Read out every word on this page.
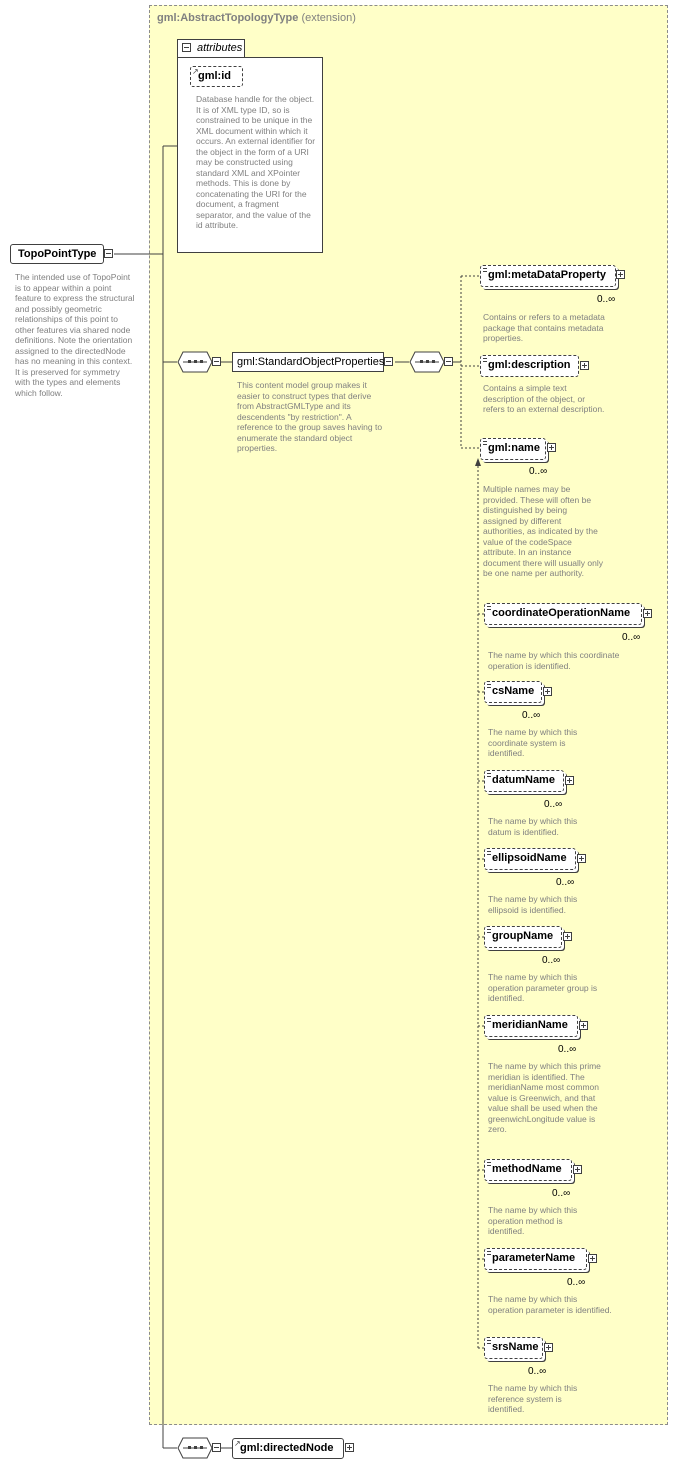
gml:AbstractTopologyType (extension)
TopoPointType
The intended use of TopoPoint is to appear within a point feature to express the structural and possibly geometric relationships of this point to other features via shared node definitions. Note the orientation assigned to the directedNode has no meaning in this context. It is preserved for symmetry with the types and elements which follow.
attributes
↗ gml:id
Database handle for the object. It is of XML type ID, so is constrained to be unique in the XML document within which it occurs. An external identifier for the object in the form of a URI may be constructed using standard XML and XPointer methods. This is done by concatenating the URI for the document, a fragment separator, and the value of the id attribute.
gml:StandardObjectProperties
This content model group makes it easier to construct types that derive from AbstractGMLType and its descendents "by restriction". A reference to the group saves having to enumerate the standard object properties.
gml:metaDataProperty
0..∞
Contains or refers to a metadata package that contains metadata properties.
gml:description
Contains a simple text description of the object, or refers to an external description.
gml:name
0..∞
Multiple names may be provided. These will often be distinguished by being assigned by different authorities, as indicated by the value of the codeSpace attribute. In an instance document there will usually only be one name per authority.
coordinateOperationName
0..∞
The name by which this coordinate operation is identified.
csName
0..∞
The name by which this coordinate system is identified.
datumName
0..∞
The name by which this datum is identified.
ellipsoidName
0..∞
The name by which this ellipsoid is identified.
groupName
0..∞
The name by which this operation parameter group is identified.
meridianName
0..∞
The name by which this prime meridian is identified. The meridianName most common value is Greenwich, and that value shall be used when the greenwichLongitude value is zero.
methodName
0..∞
The name by which this operation method is identified.
parameterName
0..∞
The name by which this operation parameter is identified.
srsName
0..∞
The name by which this reference system is identified.
↗ gml:directedNode
